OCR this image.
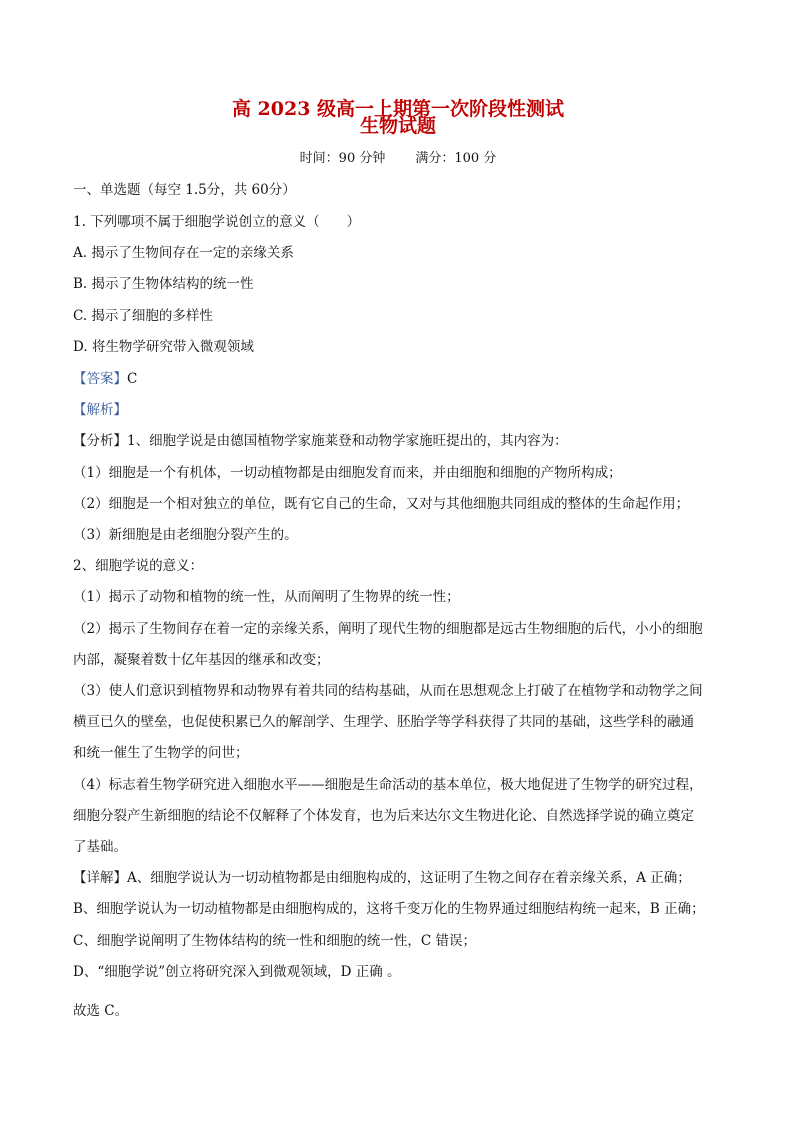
高 2023 级高一上期第一次阶段性测试
生物试题
时间：90 分钟 满分：100 分
一、单选题（每空 1.5分，共 60分）
1. 下列哪项不属于细胞学说创立的意义（　　）
A. 揭示了生物间存在一定的亲缘关系
B. 揭示了生物体结构的统一性
C. 揭示了细胞的多样性
D. 将生物学研究带入微观领域
【答案】C
【解析】
【分析】1、细胞学说是由德国植物学家施莱登和动物学家施旺提出的，其内容为：
（1）细胞是一个有机体，一切动植物都是由细胞发育而来，并由细胞和细胞的产物所构成；
（2）细胞是一个相对独立的单位，既有它自己的生命，又对与其他细胞共同组成的整体的生命起作用；
（3）新细胞是由老细胞分裂产生的。
2、细胞学说的意义：
（1）揭示了动物和植物的统一性，从而阐明了生物界的统一性；
（2）揭示了生物间存在着一定的亲缘关系，阐明了现代生物的细胞都是远古生物细胞的后代，小小的细胞
内部，凝聚着数十亿年基因的继承和改变；
（3）使人们意识到植物界和动物界有着共同的结构基础，从而在思想观念上打破了在植物学和动物学之间
横亘已久的壁垒，也促使积累已久的解剖学、生理学、胚胎学等学科获得了共同的基础，这些学科的融通
和统一催生了生物学的问世；
（4）标志着生物学研究进入细胞水平——细胞是生命活动的基本单位，极大地促进了生物学的研究过程，
细胞分裂产生新细胞的结论不仅解释了个体发育，也为后来达尔文生物进化论、自然选择学说的确立奠定
了基础。
【详解】A、细胞学说认为一切动植物都是由细胞构成的，这证明了生物之间存在着亲缘关系，A 正确；
B、细胞学说认为一切动植物都是由细胞构成的，这将千变万化的生物界通过细胞结构统一起来，B 正确；
C、细胞学说阐明了生物体结构的统一性和细胞的统一性，C 错误；
D、“细胞学说”创立将研究深入到微观领域，D 正确 。
故选 C。
